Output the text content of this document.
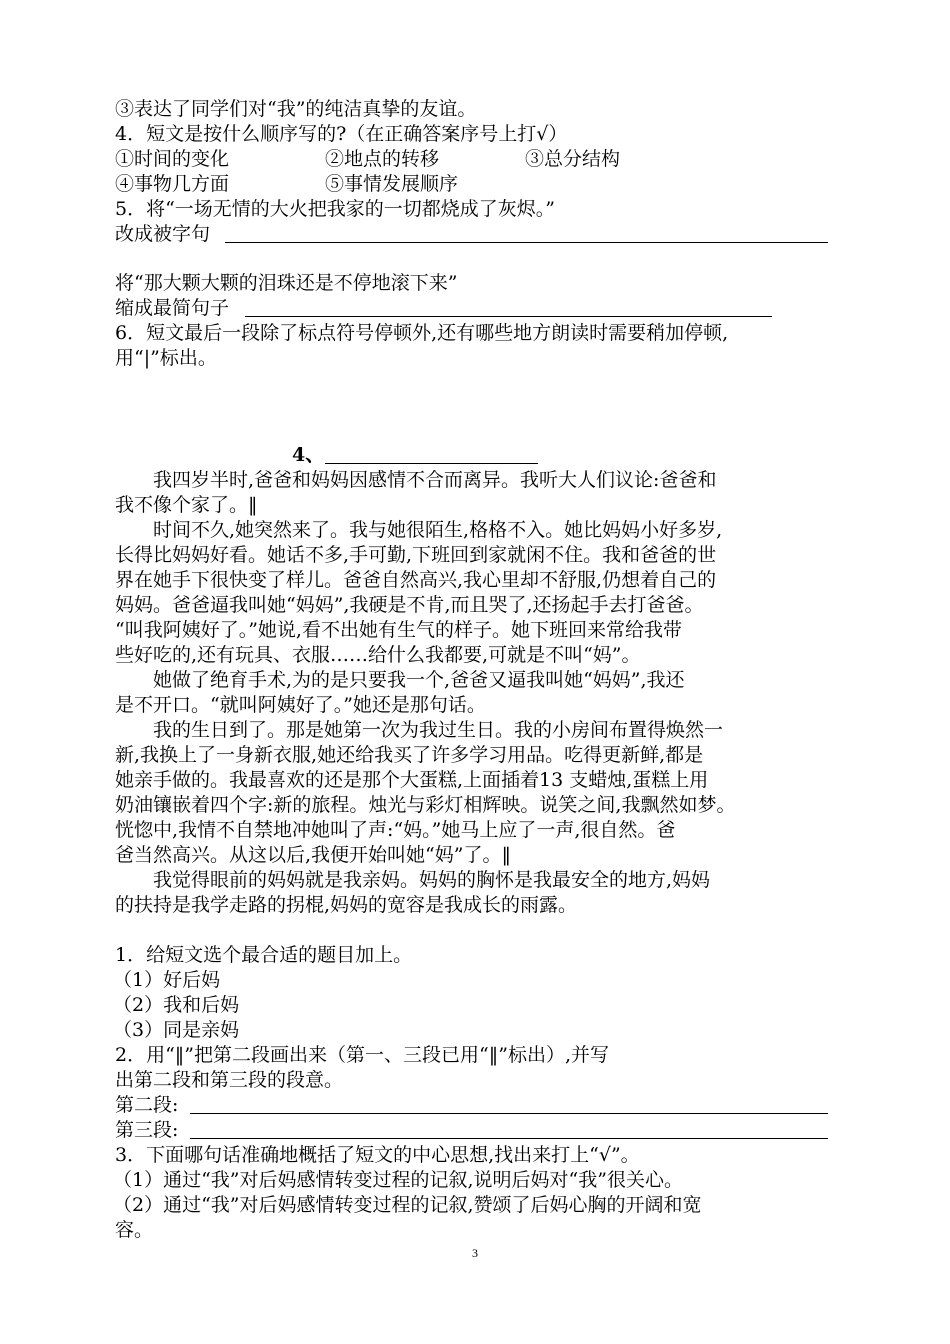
③表达了同学们对“我”的纯洁真挚的友谊。
4．短文是按什么顺序写的?（在正确答案序号上打√）
①时间的变化	②地点的转移	③总分结构
④事物几方面	⑤事情发展顺序
5．将“一场无情的大火把我家的一切都烧成了灰烬。”
改成被字句
将“那大颗大颗的泪珠还是不停地滚下来”
缩成最简句子
6．短文最后一段除了标点符号停顿外,还有哪些地方朗读时需要稍加停顿,
用“|”标出。
4、
　　我四岁半时,爸爸和妈妈因感情不合而离异。我听大人们议论:爸爸和
我不像个家了。‖
　　时间不久,她突然来了。我与她很陌生,格格不入。她比妈妈小好多岁,
长得比妈妈好看。她话不多,手可勤,下班回到家就闲不住。我和爸爸的世
界在她手下很快变了样儿。爸爸自然高兴,我心里却不舒服,仍想着自己的
妈妈。爸爸逼我叫她“妈妈”,我硬是不肯,而且哭了,还扬起手去打爸爸。
“叫我阿姨好了。”她说,看不出她有生气的样子。她下班回来常给我带
些好吃的,还有玩具、衣服……给什么我都要,可就是不叫“妈”。
　　她做了绝育手术,为的是只要我一个,爸爸又逼我叫她“妈妈”,我还
是不开口。“就叫阿姨好了。”她还是那句话。
　　我的生日到了。那是她第一次为我过生日。我的小房间布置得焕然一
新,我换上了一身新衣服,她还给我买了许多学习用品。吃得更新鲜,都是
她亲手做的。我最喜欢的还是那个大蛋糕,上面插着13 支蜡烛,蛋糕上用
奶油镶嵌着四个字:新的旅程。烛光与彩灯相辉映。说笑之间,我飘然如梦。
恍惚中,我情不自禁地冲她叫了声:“妈。”她马上应了一声,很自然。爸
爸当然高兴。从这以后,我便开始叫她“妈”了。‖
　　我觉得眼前的妈妈就是我亲妈。妈妈的胸怀是我最安全的地方,妈妈
的扶持是我学走路的拐棍,妈妈的宽容是我成长的雨露。
1．给短文选个最合适的题目加上。
（1）好后妈
（2）我和后妈
（3）同是亲妈
2．用“‖”把第二段画出来（第一、三段已用“‖”标出）,并写
出第二段和第三段的段意。
第二段:
第三段:
3．下面哪句话准确地概括了短文的中心思想,找出来打上“√”。
（1）通过“我”对后妈感情转变过程的记叙,说明后妈对“我”很关心。
（2）通过“我”对后妈感情转变过程的记叙,赞颂了后妈心胸的开阔和宽
容。
3
